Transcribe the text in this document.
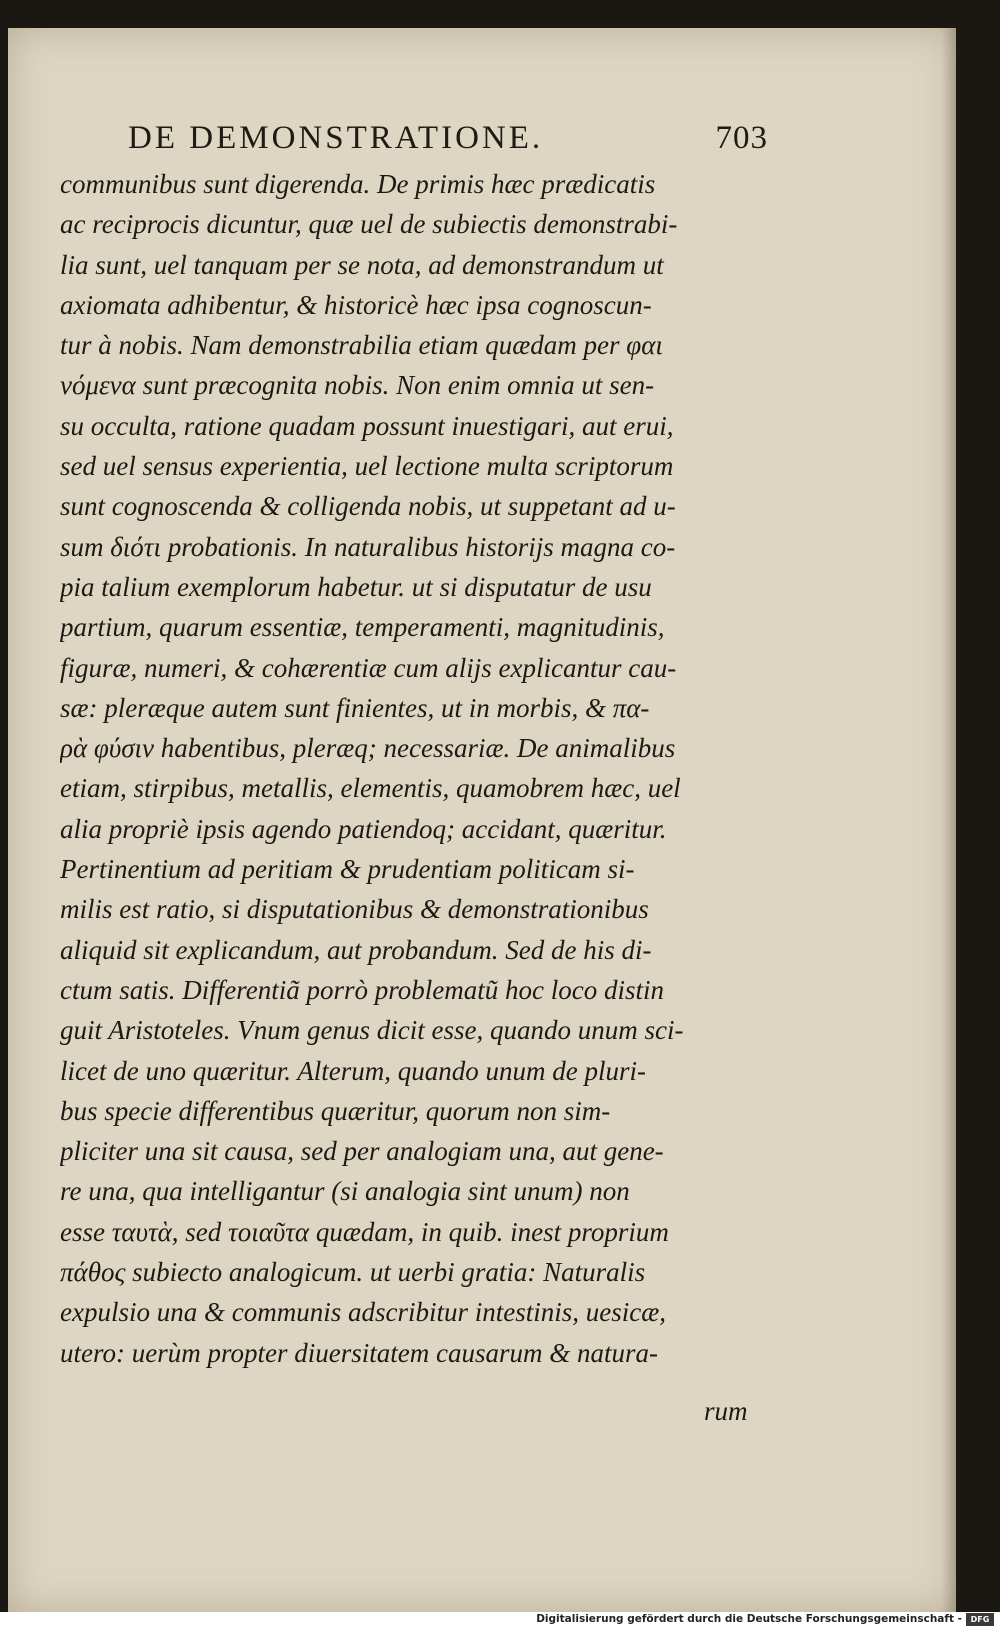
DE DEMONSTRATIONE.	703
communibus sunt digerenda. De primis hæc prædicatis
ac reciprocis dicuntur, quæ uel de subiectis demonstrabi-
lia sunt, uel tanquam per se nota, ad demonstrandum ut
axiomata adhibentur, & historicè hæc ipsa cognoscun-
tur à nobis. Nam demonstrabilia etiam quædam per φαι
νόμενα sunt præcognita nobis. Non enim omnia ut sen-
su occulta, ratione quadam possunt inuestigari, aut erui,
sed uel sensus experientia, uel lectione multa scriptorum
sunt cognoscenda & colligenda nobis, ut suppetant ad u-
sum διότι probationis. In naturalibus historijs magna co-
pia talium exemplorum habetur. ut si disputatur de usu
partium, quarum essentiæ, temperamenti, magnitudinis,
figuræ, numeri, & cohærentiæ cum alijs explicantur cau-
sæ: pleræque autem sunt finientes, ut in morbis, & πα-
ρὰ φύσιν habentibus, pleræq; necessariæ. De animalibus
etiam, stirpibus, metallis, elementis, quamobrem hæc, uel
alia propriè ipsis agendo patiendoq; accidant, quæritur.
Pertinentium ad peritiam & prudentiam politicam si-
milis est ratio, si disputationibus & demonstrationibus
aliquid sit explicandum, aut probandum. Sed de his di-
ctum satis. Differentiã porrò problematũ hoc loco distin
guit Aristoteles. Vnum genus dicit esse, quando unum sci-
licet de uno quæritur. Alterum, quando unum de pluri-
bus specie differentibus quæritur, quorum non sim-
pliciter una sit causa, sed per analogiam una, aut gene-
re una, qua intelligantur (si analogia sint unum) non
esse ταυτὰ, sed τοιαῦτα quædam, in quib. inest proprium
πάθος subiecto analogicum. ut uerbi gratia: Naturalis
expulsio una & communis adscribitur intestinis, uesicæ,
utero: uerùm propter diuersitatem causarum & natura-
rum
Digitalisierung gefördert durch die Deutsche Forschungsgemeinschaft -	DFG
